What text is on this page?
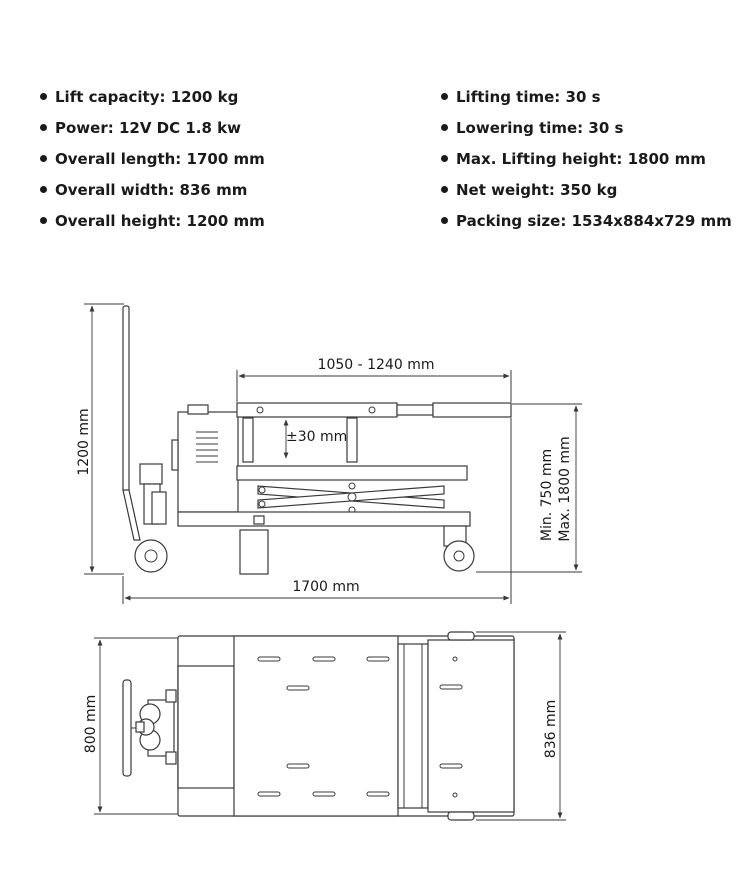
Lift capacity: 1200 kg
Power: 12V DC 1.8 kw
Overall length: 1700 mm
Overall width: 836 mm
Overall height: 1200 mm
Lifting time: 30 s
Lowering time: 30 s
Max. Lifting height: 1800 mm
Net weight: 350 kg
Packing size: 1534x884x729 mm
1200 mm	±30 mm
1050 - 1240 mm
Min. 750 mm Max. 1800 mm
1700 mm
800 mm	836 mm
